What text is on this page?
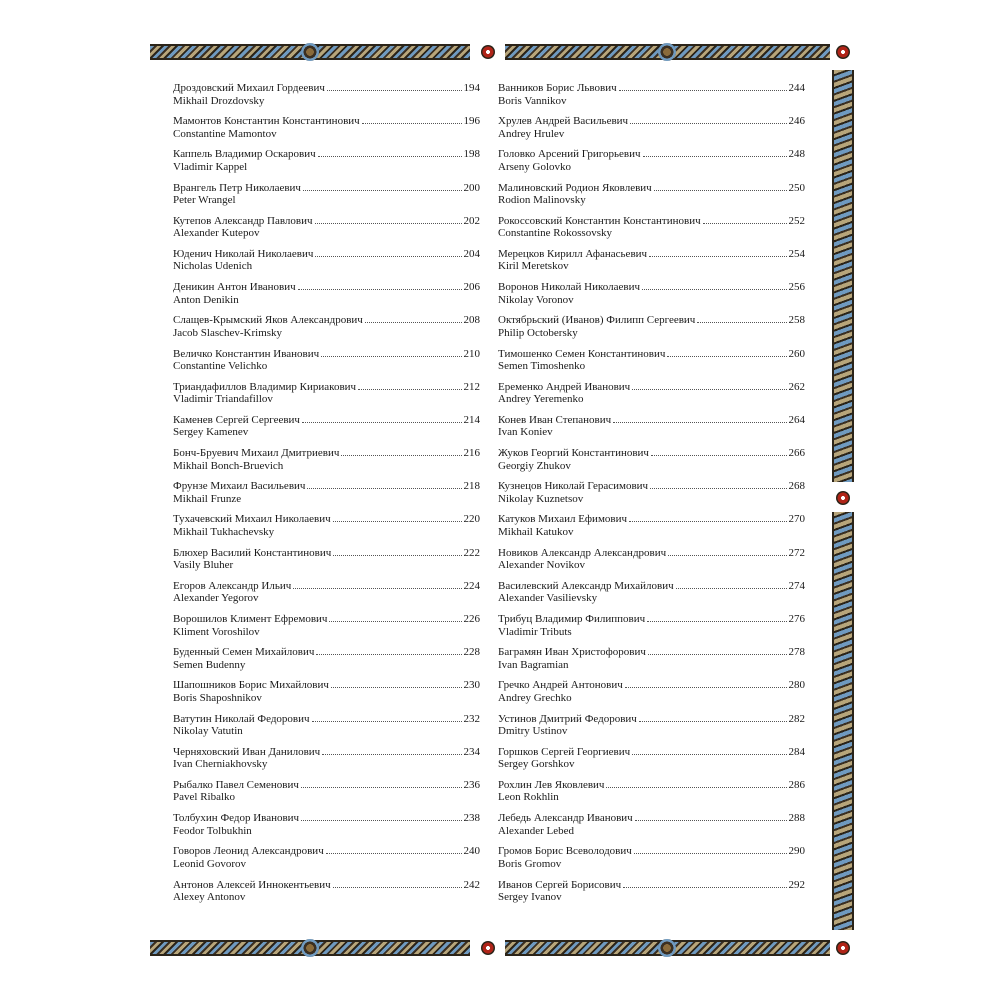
Дроздовский Михаил Гордеевич	194
Mikhail Drozdovsky
Мамонтов Константин Константинович	196
Constantine Mamontov
Каппель Владимир Оскарович	198
Vladimir Kappel
Врангель Петр Николаевич	200
Peter Wrangel
Кутепов Александр Павлович	202
Alexander Kutepov
Юденич Николай Николаевич	204
Nicholas Udenich
Деникин Антон Иванович	206
Anton Denikin
Слащев-Крымский Яков Александрович	208
Jacob Slaschev-Krimsky
Величко Константин Иванович	210
Constantine Velichko
Триандафиллов Владимир Кириакович	212
Vladimir Triandafillov
Каменев Сергей Сергеевич	214
Sergey Kamenev
Бонч-Бруевич Михаил Дмитриевич	216
Mikhail Bonch-Bruevich
Фрунзе Михаил Васильевич	218
Mikhail Frunze
Тухачевский Михаил Николаевич	220
Mikhail Tukhachevsky
Блюхер Василий Константинович	222
Vasily Bluher
Егоров Александр Ильич	224
Alexander Yegorov
Ворошилов Климент Ефремович	226
Kliment Voroshilov
Буденный Семен Михайлович	228
Semen Budenny
Шапошников Борис Михайлович	230
Boris Shaposhnikov
Ватутин Николай Федорович	232
Nikolay Vatutin
Черняховский Иван Данилович	234
Ivan Cherniakhovsky
Рыбалко Павел Семенович	236
Pavel Ribalko
Толбухин Федор Иванович	238
Feodor Tolbukhin
Говоров Леонид Александрович	240
Leonid Govorov
Антонов Алексей Иннокентьевич	242
Alexey Antonov
Ванников Борис Львович	244
Boris Vannikov
Хрулев Андрей Васильевич	246
Andrey Hrulev
Головко Арсений Григорьевич	248
Arseny Golovko
Малиновский Родион Яковлевич	250
Rodion Malinovsky
Рокоссовский Константин Константинович	252
Constantine Rokossovsky
Мерецков Кирилл Афанасьевич	254
Kiril Meretskov
Воронов Николай Николаевич	256
Nikolay Voronov
Октябрьский (Иванов) Филипп Сергеевич	258
Philip Octobersky
Тимошенко Семен Константинович	260
Semen Timoshenko
Еременко Андрей Иванович	262
Andrey Yeremenko
Конев Иван Степанович	264
Ivan Koniev
Жуков Георгий Константинович	266
Georgiy Zhukov
Кузнецов Николай Герасимович	268
Nikolay Kuznetsov
Катуков Михаил Ефимович	270
Mikhail Katukov
Новиков Александр Александрович	272
Alexander Novikov
Василевский Александр Михайлович	274
Alexander Vasilievsky
Трибуц Владимир Филиппович	276
Vladimir Tributs
Баграмян Иван Христофорович	278
Ivan Bagramian
Гречко Андрей Антонович	280
Andrey Grechko
Устинов Дмитрий Федорович	282
Dmitry Ustinov
Горшков Сергей Георгиевич	284
Sergey Gorshkov
Рохлин Лев Яковлевич	286
Leon Rokhlin
Лебедь Александр Иванович	288
Alexander Lebed
Громов Борис Всеволодович	290
Boris Gromov
Иванов Сергей Борисович	292
Sergey Ivanov
